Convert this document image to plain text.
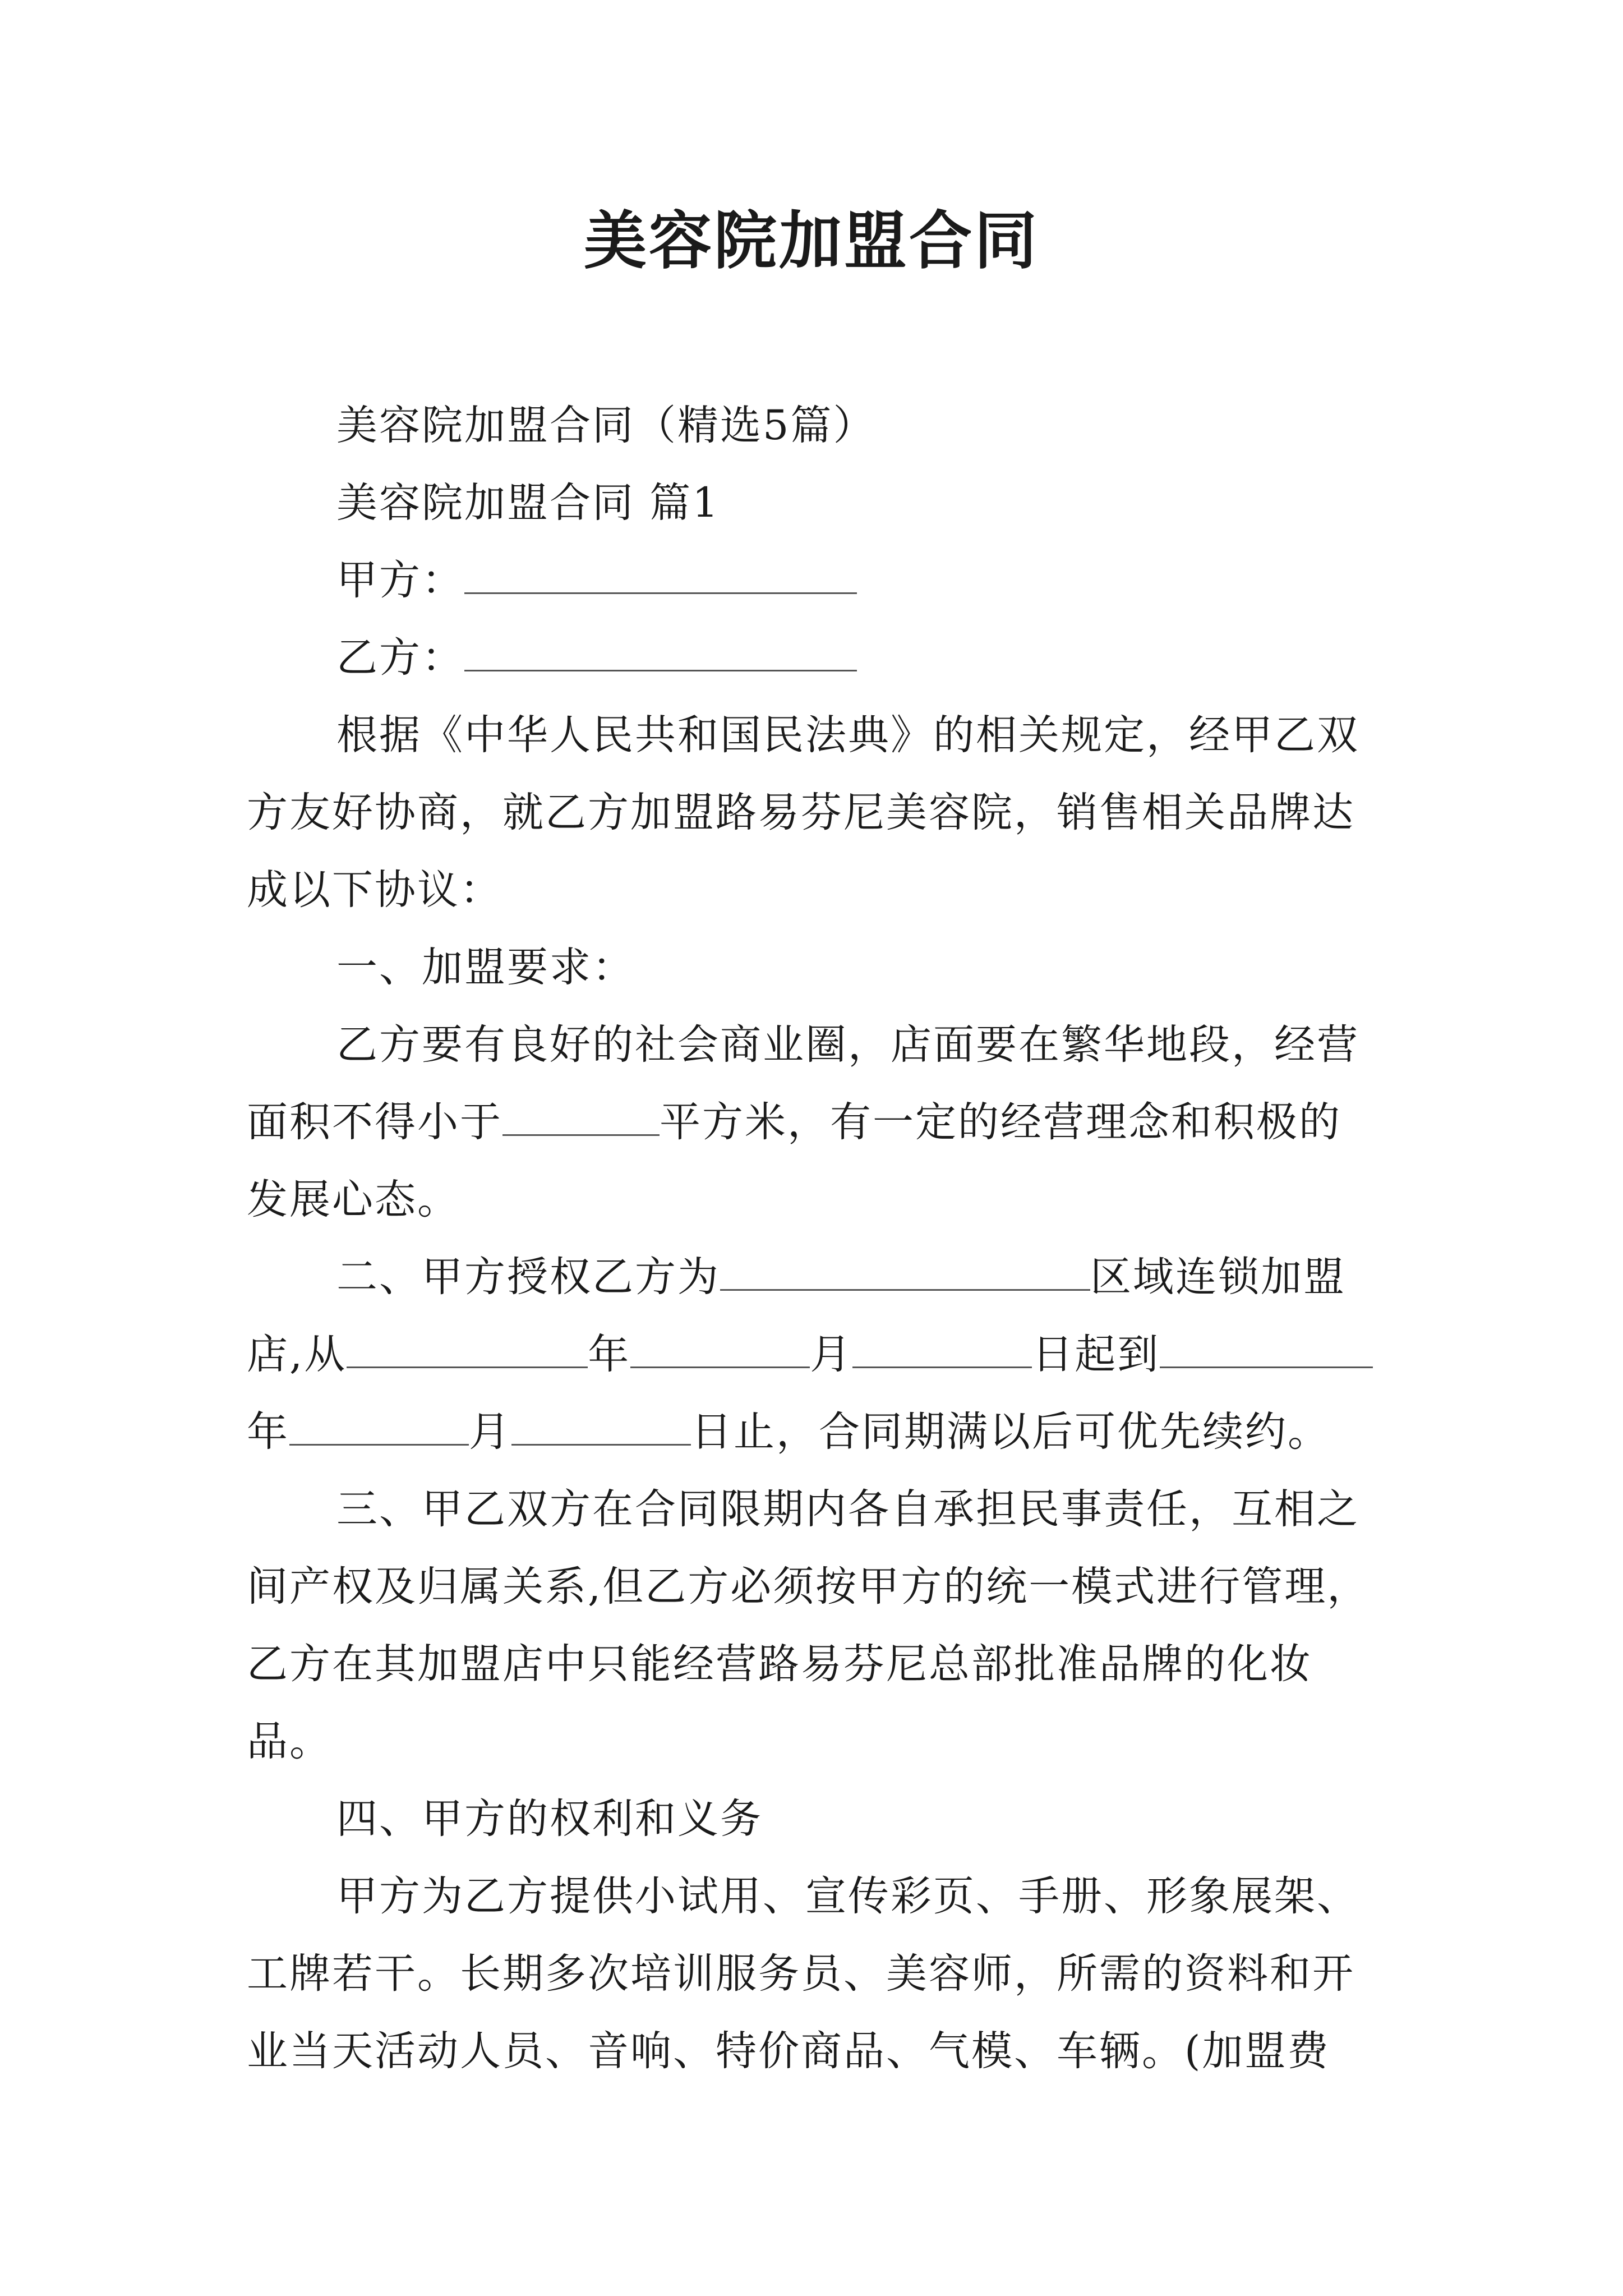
美容院加盟合同

美容院加盟合同（精选5篇）

美容院加盟合同 篇1

甲方：

乙方：

根据《中华人民共和国民法典》的相关规定，经甲乙双方友好协商，就乙方加盟路易芬尼美容院，销售相关品牌达成以下协议：

一、加盟要求：

乙方要有良好的社会商业圈，店面要在繁华地段，经营面积不得小于	平方米，有一定的经营理念和积极的发展心态。

二、甲方授权乙方为	区域连锁加盟店,从	年	月	日起到年	月	日止，合同期满以后可优先续约。

三、甲乙双方在合同限期内各自承担民事责任，互相之间产权及归属关系,但乙方必须按甲方的统一模式进行管理，乙方在其加盟店中只能经营路易芬尼总部批准品牌的化妆品。

四、甲方的权利和义务

甲方为乙方提供小试用、宣传彩页、手册、形象展架、工牌若干。长期多次培训服务员、美容师，所需的资料和开业当天活动人员、音响、特价商品、气模、车辆。(加盟费
